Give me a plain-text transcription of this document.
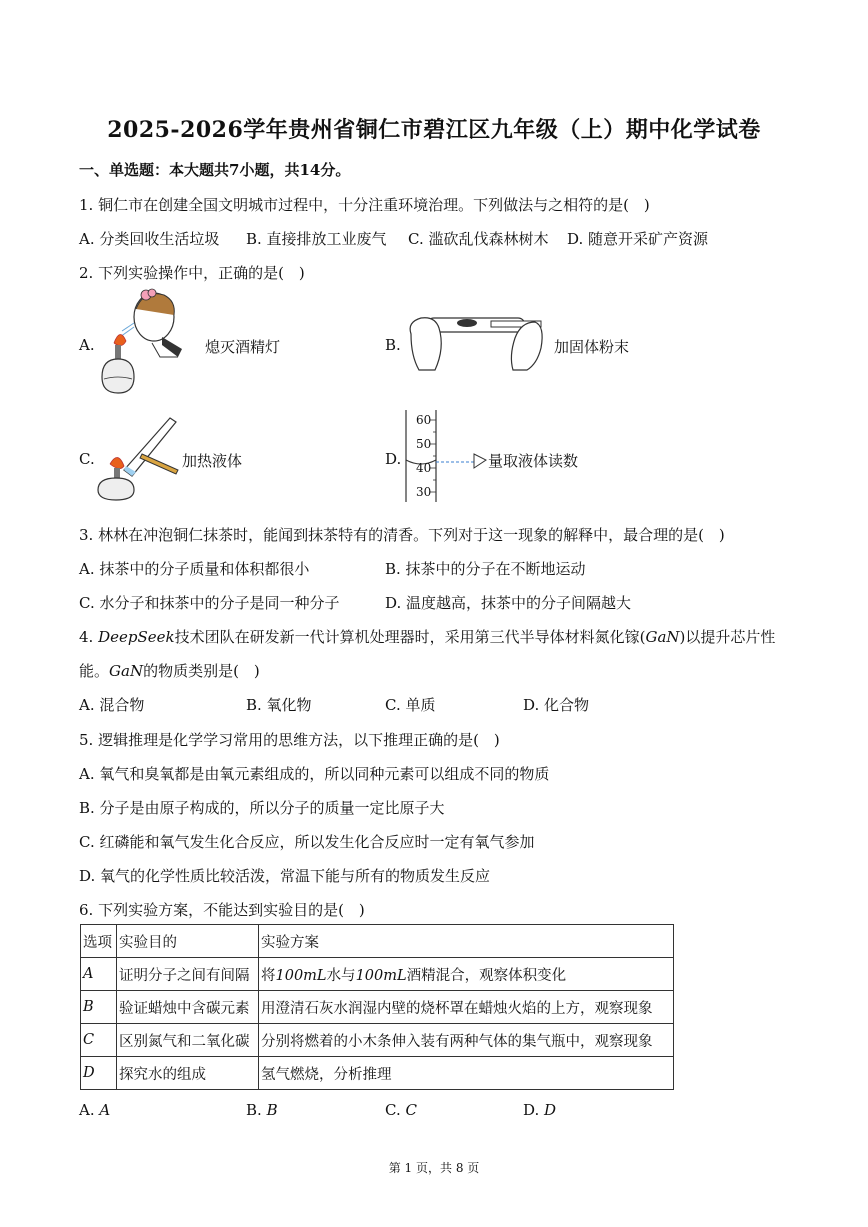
2025-2026学年贵州省铜仁市碧江区九年级（上）期中化学试卷
一、单选题：本大题共7小题，共14分。
1. 铜仁市在创建全国文明城市过程中，十分注重环境治理。下列做法与之相符的是(　)
A. 分类回收生活垃圾 B. 直接排放工业废气 C. 滥砍乱伐森林树木 D. 随意开采矿产资源
2. 下列实验操作中，正确的是(　)
A.	熄灭酒精灯	B.	加固体粉末
C.	加热液体	D.
60
50
40
30
量取液体读数
3. 林林在冲泡铜仁抹茶时，能闻到抹茶特有的清香。下列对于这一现象的解释中，最合理的是(　)
A. 抹茶中的分子质量和体积都很小	B. 抹茶中的分子在不断地运动
C. 水分子和抹茶中的分子是同一种分子	D. 温度越高，抹茶中的分子间隔越大
4. DeepSeek技术团队在研发新一代计算机处理器时，采用第三代半导体材料氮化镓(GaN)以提升芯片性
能。GaN的物质类别是(　)
A. 混合物	B. 氧化物	C. 单质	D. 化合物
5. 逻辑推理是化学学习常用的思维方法，以下推理正确的是(　)
A. 氧气和臭氧都是由氧元素组成的，所以同种元素可以组成不同的物质
B. 分子是由原子构成的，所以分子的质量一定比原子大
C. 红磷能和氧气发生化合反应，所以发生化合反应时一定有氧气参加
D. 氧气的化学性质比较活泼，常温下能与所有的物质发生反应
6. 下列实验方案，不能达到实验目的是(　)
选项	实验目的	实验方案
A	证明分子之间有间隔	将100mL水与100mL酒精混合，观察体积变化
B	验证蜡烛中含碳元素	用澄清石灰水润湿内壁的烧杯罩在蜡烛火焰的上方，观察现象
C	区别氮气和二氧化碳	分别将燃着的小木条伸入装有两种气体的集气瓶中，观察现象
D	探究水的组成	氢气燃烧，分析推理
A. A	B. B	C. C	D. D
第 1 页，共 8 页
